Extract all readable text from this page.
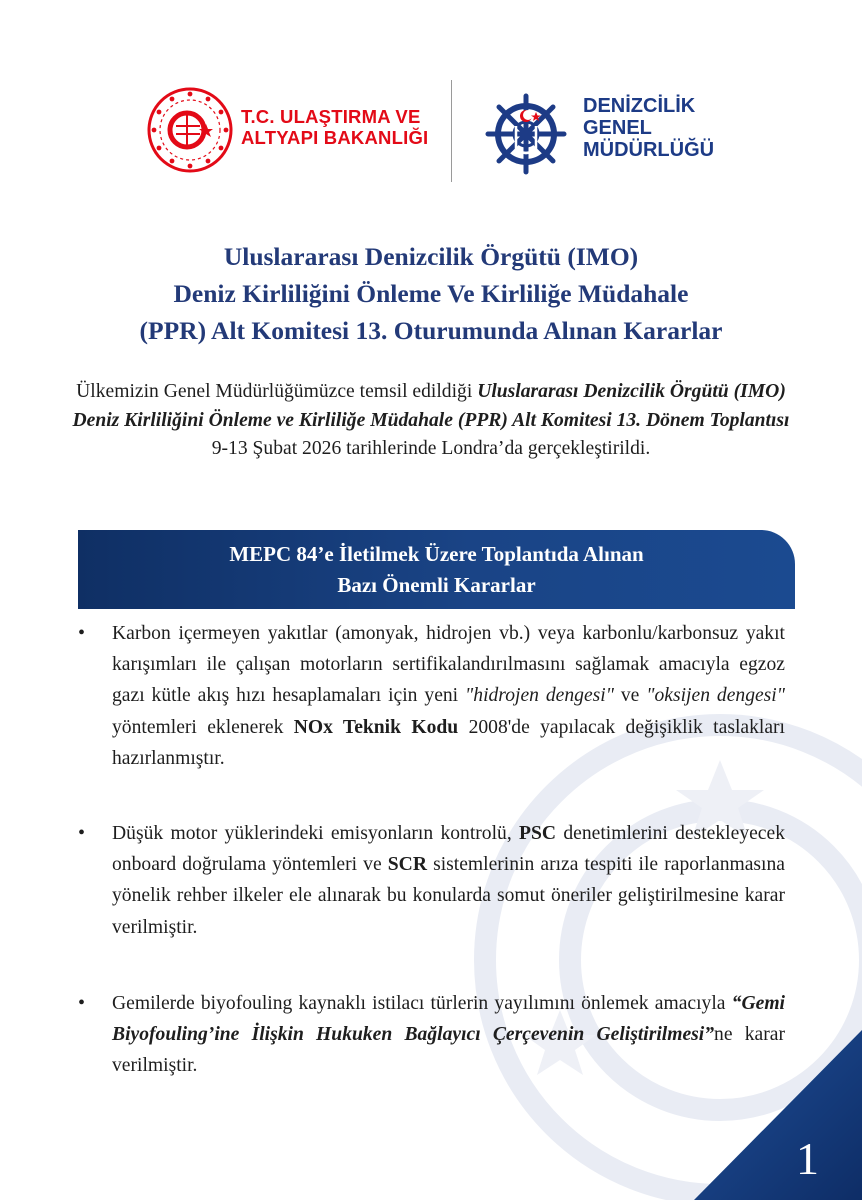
T.C. ULAŞTIRMA VE
ALTYAPI BAKANLIĞI
DENİZCİLİK
GENEL
MÜDÜRLÜĞÜ
Uluslararası Denizcilik Örgütü (IMO)
Deniz Kirliliğini Önleme Ve Kirliliğe Müdahale
(PPR) Alt Komitesi 13. Oturumunda Alınan Kararlar

Ülkemizin Genel Müdürlüğümüzce temsil edildiği Uluslararası Denizcilik Örgütü (IMO) Deniz Kirliliğini Önleme ve Kirliliğe Müdahale (PPR) Alt Komitesi 13. Dönem Toplantısı 9-13 Şubat 2026 tarihlerinde Londra’da gerçekleştirildi.

MEPC 84’e İletilmek Üzere Toplantıda Alınan
Bazı Önemli Kararlar
• Karbon içermeyen yakıtlar (amonyak, hidrojen vb.) veya karbonlu/karbonsuz yakıt karışımları ile çalışan motorların sertifikalandırılmasını sağlamak amacıyla egzoz gazı kütle akış hızı hesaplamaları için yeni "hidrojen dengesi" ve "oksijen dengesi" yöntemleri eklenerek NOx Teknik Kodu 2008'de yapılacak değişiklik taslakları hazırlanmıştır.

• Düşük motor yüklerindeki emisyonların kontrolü, PSC denetimlerini destekleyecek onboard doğrulama yöntemleri ve SCR sistemlerinin arıza tespiti ile raporlanmasına yönelik rehber ilkeler ele alınarak bu konularda somut öneriler geliştirilmesine karar verilmiştir.

• Gemilerde biyofouling kaynaklı istilacı türlerin yayılımını önlemek amacıyla “Gemi Biyofouling’ine İlişkin Hukuken Bağlayıcı Çerçevenin Geliştirilmesi”ne karar verilmiştir.

1
